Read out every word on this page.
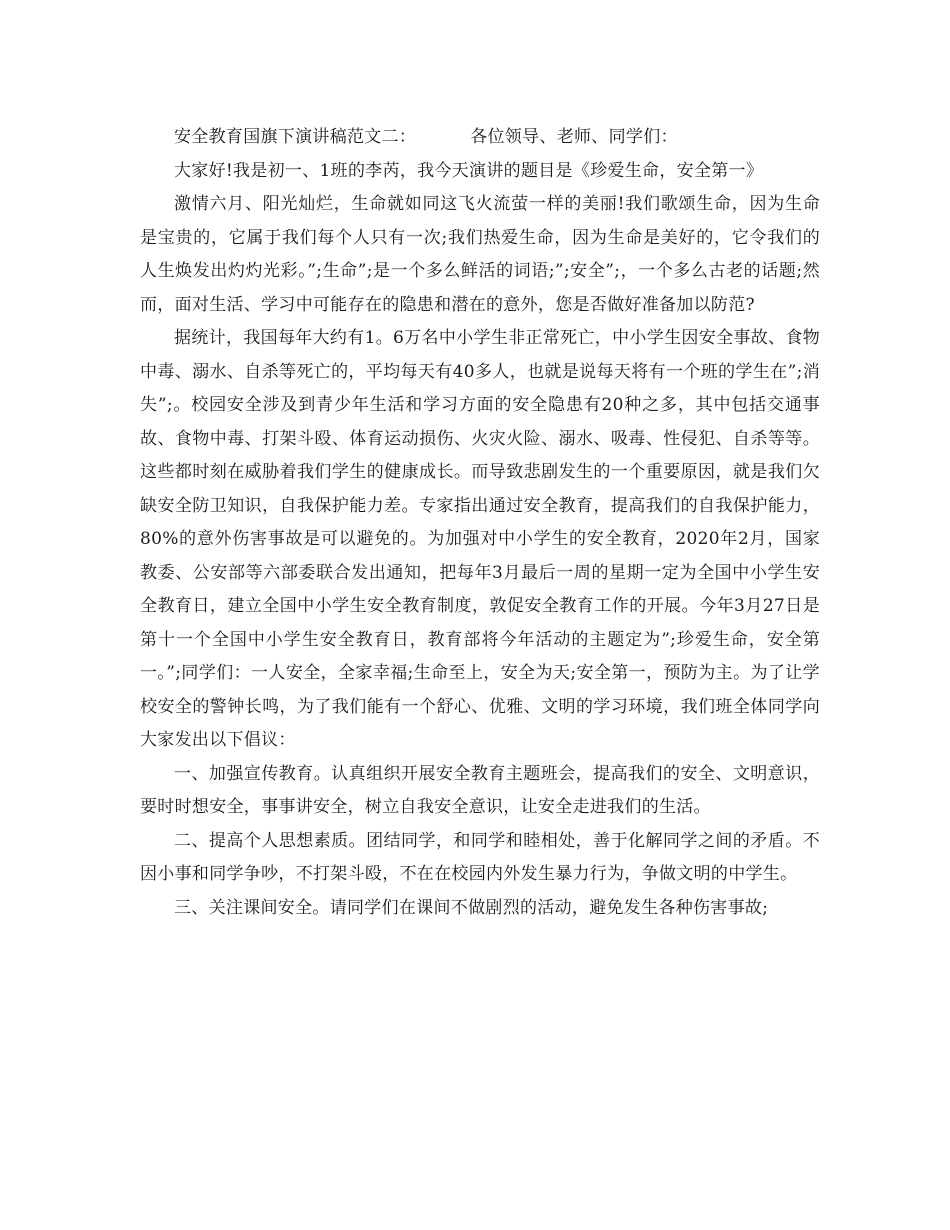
安全教育国旗下演讲稿范文二：	各位领导、老师、同学们：

大家好!我是初一、1班的李芮，我今天演讲的题目是《珍爱生命，安全第一》

激情六月、阳光灿烂，生命就如同这飞火流萤一样的美丽!我们歌颂生命，因为生命是宝贵的，它属于我们每个人只有一次;我们热爱生命，因为生命是美好的，它令我们的人生焕发出灼灼光彩。”;生命”;是一个多么鲜活的词语;”;安全”;，一个多么古老的话题;然而，面对生活、学习中可能存在的隐患和潜在的意外，您是否做好准备加以防范?

据统计，我国每年大约有1。6万名中小学生非正常死亡，中小学生因安全事故、食物中毒、溺水、自杀等死亡的，平均每天有40多人，也就是说每天将有一个班的学生在”;消失”;。校园安全涉及到青少年生活和学习方面的安全隐患有20种之多，其中包括交通事故、食物中毒、打架斗殴、体育运动损伤、火灾火险、溺水、吸毒、性侵犯、自杀等等。这些都时刻在威胁着我们学生的健康成长。而导致悲剧发生的一个重要原因，就是我们欠缺安全防卫知识，自我保护能力差。专家指出通过安全教育，提高我们的自我保护能力，80%的意外伤害事故是可以避免的。为加强对中小学生的安全教育，2020年2月，国家教委、公安部等六部委联合发出通知，把每年3月最后一周的星期一定为全国中小学生安全教育日，建立全国中小学生安全教育制度，敦促安全教育工作的开展。今年3月27日是第十一个全国中小学生安全教育日，教育部将今年活动的主题定为”;珍爱生命，安全第一。”;同学们：一人安全，全家幸福;生命至上，安全为天;安全第一，预防为主。为了让学校安全的警钟长鸣，为了我们能有一个舒心、优雅、文明的学习环境，我们班全体同学向大家发出以下倡议：

一、加强宣传教育。认真组织开展安全教育主题班会，提高我们的安全、文明意识，要时时想安全，事事讲安全，树立自我安全意识，让安全走进我们的生活。

二、提高个人思想素质。团结同学，和同学和睦相处，善于化解同学之间的矛盾。不因小事和同学争吵，不打架斗殴，不在在校园内外发生暴力行为，争做文明的中学生。

三、关注课间安全。请同学们在课间不做剧烈的活动，避免发生各种伤害事故;
